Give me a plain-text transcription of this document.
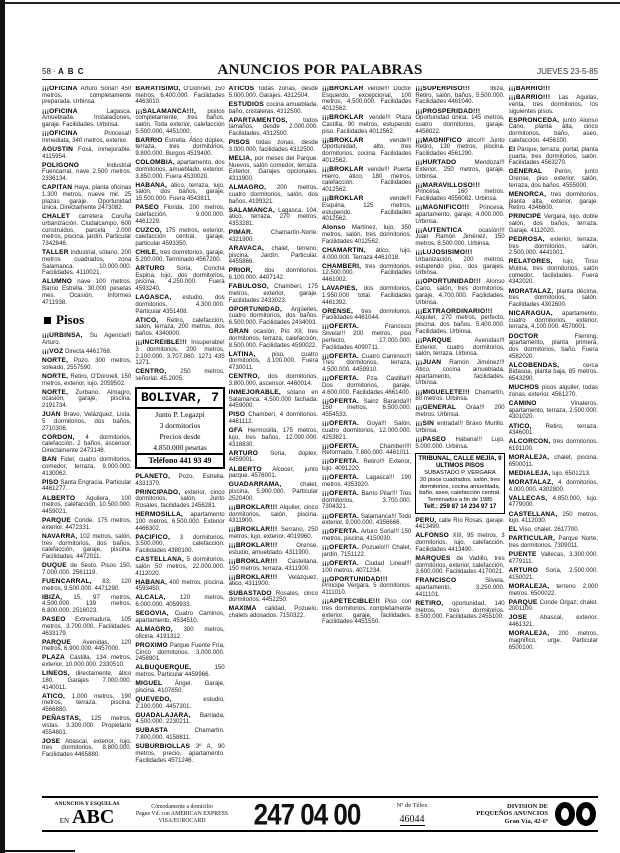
58 · A B C	ANUNCIOS POR PALABRAS	JUEVES 23-5-85
¡¡¡OFICINA Arturo Soria!! 450 metros, completamente preparada. Urbinsa.
¡¡¡OFICINA Lagasca. Amueblada. Instalaciones, garaje. Facilidades. Urbinsa.
¡¡¡OFICINA Princesa!! Inmediata, 340 metros, exterior.
AGUSTIN Foxá, inmejorable. 4115954.
POLIGONO Industrial Fuencarral, nave 2.500 metros. 2336134.
CAPITAN Haya, planta oficinas 1.300 metros, nueve mil. 25 plazas garaje. Oportunidad única. Directamente 2473082.
CHALET carretera Coruña urbanización. Ciudalcampo, 600 construidos, parcela 2.000 metros, piscina, jardín. Particular 7342846.
TALLER industrial, sótano, 200 metros cuadrados, zona Salamanca. 10.000.000. Facilidades. 4110021.
ALUMNO nave 100 metros. Barrio Estrella. 30.000 pesetas mes. Ocasión. Informes 4711938.
Pisos
¡¡¡URBINSA, Su Agencia!!! Arturo.
¡¡¡VOZ Directa 4461768.
NORTE, Pozo. 300 metros, soleado, 2557590.
NORTE, Retiro, O'Donnell, 150 metros, exterior, lujo. 2059502.
NORTE, Zurbano, Almagro, ocasión, garaje, piscina. 2191734.
JUAN Bravo, Velázquez, Lista. 5 dormitorios, dos baños, 2710306.
CORDON, 4 dormitorios, calefacción, 2 baños, ascensor. Directamente 2473148.
BAN Fidel, cuatro dormitorios, comedor, terraza, 9.000.000. 4130062.
PISO Santa Engracia. Particular 4461277.
ALBERTO Aguilera, 100 metros, calefacción, 10.500.000. 4459021.
PARQUE Conde, 175 metros, exterior. 4472331.
NAVARRA, 102 metros, salón, tres dormitorios, dos baños, calefacción, garaje, piscina. Facilidades. 4472011.
DUQUE de Sesto. Pisos 150, 7.000.000. 2561119.
FUENCARRAL, 83, 120 metros, 9.500.000. 4471290.
IBIZA, 15, 97 metros, 4.500.000. 139 metros, 6.800.000. 2516023.
PASEO Extremadura, 105 metros, 3.700.000. Facilidades. 4633179.
PARQUE Avenidas, 120 metros, 6.900.000. 4457000.
PLAZA Castilla, 134 metros, exterior, 10.000.000. 2330510.
LINEOS, directamente, ático 180. Garajes 7.000.000. 4140011.
ATICO, 1.000 metros, 190 metros, terraza, piscina. 4566880.
PEÑASTAS, 125 metros, vistas. 3.300.000. Propietario 4554801.
JOSE Abascal, exterior, lujo, tres dormitorios, 8.800.000. Facilidades 4465880.
BARATISIMO, O'Donnell, 150 metros, 6.400.000. Facilidades 4463010.
¡¡¡SALAMANCA!!!, pisitos completamente, tres baños, salón. Toda exterior, calefacción 5.500.000, 4451000.
BARRIO Estrella. Ático dúplex, terraza, tres dormitorios, 9.800.000. Burgos 4519400.
COLOMBIA, apartamento, dos dormitorios, amueblado, exterior. 3.850.000. Fuera 4530020.
HABANA, ático, terraza, lujo, salón, dos baños, garaje, 15.500.000. Fuera 4543811.
PASEO Florida, 200 metros, calefacción, 9.000.000. 4461229.
CUZCO, 175 metros, exterior, calefacción central, garaje, particular 4593350.
CHILE, tres dormitorios, garaje, 5.200.000. Terminado 4567200.
ARTURO Soria, Concha Espina, lujo, dos dormitorios, piscina, 4.250.000. Fuera 4593240.
LAGASCA, estudio, dos dormitorios, 4.300.000. Particular 4351408.
ATICO, Retiro, calefacción, salón, terraza, 200 metros, dos baños. 4340000.
¡¡¡INCREIBLE!!! Insuperable! 3 dormitorios, 200 metros, 2.100.000. 3.707.060. 1271 435 1271.
CENTRO, 250 metros, señorial. 45.2005.
BOLIVAR, 7
Junto P. Legazpi
3 dormitorios
Precios desde
4.850.000 pesetas
Teléfono 441 93 49
PLANETO, Pozo, Estrella. 4331370.
PRINCIPADO, exterior, cinco dormitorios, salón. Junto Rosales, facilidades 2456281.
HERMOSILLA, apartamento 100 metros, 6.500.000. Exterior 4466302.
PACIFICO, 3 dormitorios, 3.500.000, calefacción. Facilidades 4380100.
CASTELLANA, 5 dormitorios, salón 50 metros, 22.000.000. 4112020.
HABANA, 400 metros, piscina. 4593450.
ALCALA, 120 metros, 6.000.000. 4059933.
SEGOVIA, Cuatro Caminos, apartamento. 4534510.
ALMAGRO, 300 metros, oficina. 4191312.
PROXIMO Parque Fuente Fría, Cinco dormitorios. 3.000.000. 2458901.
ALBUQUERQUE, 150 metros. Particular 4459966.
MIGUEL Ángel. Garaje, piscina. 4107650.
QUEVEDO, estudio, 2.100.000. 4457301.
GUADALAJARA, Barriada, 4.500.000. 2230211.
SUBASTA Chamartín. 7.800.000. 4158811.
SUBURBIOLLAS 3º A, 90 metros, precio, apartamento. Facilidades 4571246.
ATICOS todas zonas, desde 5.000.000. Garajes. 4312504.
ESTUDIOS cocina amueblada, baño, cristaleras. 4312500.
APARTAMENTOS, todos tamaños, desde 2.000.000. Facilidades. 4312500.
PISOS todas zonas, desde 3.000.000, facilidades 4312500.
MELIA, por meses del Parque. Nuevos, salón comedor, terraza. Exterior. Garajes opcionales. 4311900.
ALMAGRO, 200 metros, cuatro dormitorios, salón, dos baños, 4199321.
SALAMANCA, Lagasca, 104, ático, terraza, 270 metros, 4353281.
PIMAR. Chamartín-Norte. 4321900.
ARAVACA, chalet, terreno, piscina. Jardín. Particular. 4455866.
PRIOR, dos dormitorios. 6.100.000. 4407142.
FABULOSO, Chamberí, 175 metros, exterior, garaje. Facilidades 2433023.
OPORTUNIDAD, Argüelles, cuatro dormitorios, dos baños. 6.500.000. Facilidades 2434003.
GRAN ocasión, Pío XII, tres dormitorios, terraza, calefacción, 8.500.000. Facilidades 4590022.
LATINA, piso, cuatro dormitorios, 3.100.000. Fuera 4730011.
CENTRO, dos dormitorios, 3.800.000, ascensor. 4460014.
INMEJORABLE, sótano en Salamanca. 4.500.000 fachada. 4459000.
PISO Chamberí, 4 dormitorios. 4461112.
GFA Hermosilla, 175 metros, lujo, tres baños, 12.000.000. 4318830.
ARTURO Soria, dúplex. 4459001.
ALBERTO Alcocer, junto parque. 4576001.
GUADARRAMA, chalet, piscina, 5.900.000. Particular 2520400.
¡¡¡BROKLAR!!! Alquiler, cinco dormitorios, salón, piscina. 4311900.
¡¡¡BROKLAR!!! Serrano, 250 metros, lujo, exterior. 4019960.
¡¡¡BROKLAR!!! Orense, estudio, amueblado. 4311900.
¡¡¡BROKLAR!!! Castellana, 150 metros, terraza. 4311900.
¡¡¡BROKLAR!!! Velázquez, ático. 4311900.
SUBASTADO Rosales, cinco dormitorios. 4452250.
MAXIMA calidad, Pozuelo, chalets adosados. 7150322.
¡¡¡BROKLAR vende!!! Doctor Esquerdo, excepcional, 100 metros, 4.500.000. Facilidades 4012562.
¡¡¡BROKLAR vende!!! Plaza Castilla, 90 metros, estupendo piso. Facilidades 4012562.
¡¡¡BROKLAR vende!!! Oportunidad, alto, tres dormitorios, cocina. Facilidades 4012562.
¡¡¡BROKLAR vende!!! Puerta Hierro, ático, 180 metros, calefacción. Facilidades 4012562.
¡¡¡BROKLAR vende!!! Esquina, 125 metros, estupendo. Facilidades 4012562.
Alonso Martínez, lujo, 350 metros, salón, tres dormitorios. Facilidades 4012562.
CHAMARTIN, ático, lujo, 4.000.000. Terraza 4461018.
CHAMBERI, tres dormitorios, 12.500.000. Facilidades 4461002.
LAVAPIES, dos dormitorios, 1.950.000 total. Facilidades 4461392.
ORENSE, tres dormitorios. Facilidades 4461044.
¡¡¡OFERTA. Francisco Silvela!!! 200 metros, piso perfecto, 17.000.000. Facilidades 4090711.
¡¡¡OFERTA. Cuatro Caminos!!! Tres dormitorios, terraza, 4.500.000, 4459910.
¡¡¡OFERTA. Pza. Castilla!!! Dos dormitorios, garaje, 4.600.000. Facilidades 4661400.
¡¡¡OFERTA. Sainz Baranda!!! 150 metros, 6.500.000. 4554533.
¡¡¡OFERTA. Goya!!! Salón, cuatro dormitorios, 12.000.000. 4253821.
¡¡¡OFERTA. Chamberí!!! Reformado, 7.800.000. 4461011.
¡¡¡OFERTA. Retiro!!! Exterior, lujo. 4091220.
¡¡¡OFERTA. Lagasca!!! 190 metros. 4353920.
¡¡¡OFERTA. Barrio Pilar!!! Tres dormitorios, 3.700.000. 7304321.
¡¡¡OFERTA. Salamanca!!! Todo exterior, 9.000.000. 4356666.
¡¡¡OFERTA. Arturo Soria!!! 150 metros, piscina. 4150030.
¡¡¡OFERTA. Pozuelo!!! Chalet, jardín. 7151122.
¡¡¡OFERTA. Ciudad Lineal!!! 100 metros. 4071234.
¡¡¡OPORTUNIDAD!!! Príncipe Vergara, 5 dormitorios. 4111010.
¡¡¡APETECIBLE!!! Piso con tres dormitorios, completamente exterior, garaje, facilidades. Facilidades 4451550.
¡¡¡SUPERPISO!!! Ibiza, Retiro, salón, baños, 5.500.000. Facilidades 4461040.
¡¡¡PROSPERIDAD!!! Oportunidad única. 145 metros, cuatro dormitorios, garaje. 4458022.
¡¡¡MAGNIFICO ático!!! Junto Retiro, 130 metros, piscina. Facilidades 4561290.
¡¡¡HURTADO Mendoza!!! Exterior, 250 metros, garaje. Urbinsa.
¡¡¡MARAVILLOSO!!! Princesa, 160 metros. Facilidades 4556082. Urbinsa.
¡¡¡MAGNIFICO!!! Princesa, apartamento, garaje, 4.000.000. Urbinsa.
¡¡¡AUTENTICA ocasión!!! Juan Ramón Jiménez, 150 metros, 8.500.000. Urbinsa.
¡¡¡LUJOSISIMO!!! Urbanización, 200 metros, estupendo piso, dos garajes. Urbinsa.
¡¡¡OPORTUNIDAD!!! Alonso Cano, salón, tres dormitorios, garaje, 4.700.000. Facilidades. Urbinsa.
¡¡¡EXTRAORDINARIO!!! Alquiler, 270 metros, perfecto, piscina, dos baños. 5.400.000. Facilidades. Urbinsa.
¡¡¡PARQUE Avenidas!!! Exterior, cuatro dormitorios, salón, terraza. Urbinsa.
¡¡¡JUAN Ramón Jiménez!!! Ático, cocina amueblada, apartamento, facilidades. Urbinsa.
¡¡¡MIGUELETE!!! Chamartín, 80 metros. Urbinsa.
¡¡¡GENERAL Oráa!!! 200 metros. Urbinsa.
¡¡¡SIN entrada!!! Bravo Murillo. Urbinsa.
¡¡¡PASEO Habana!!! Lujo, 5.000.000. Urbinsa.
TRIBUNAL, CALLE MEJÍA, 9
ULTIMOS PISOS
SUBASTADO P. VERGARA
20 pisos cuadrados, salón, tres dormitorios, cocina amueblada,
baño, aseo, calefacción central.
Terminados a fin de 1985
Telf.: 259 87 14 234 97 17
PERU, calle Río Rosas, garaje. 4413490.
ALFONSO XIII, 95 metros, 3 dormitorios, lujo, calefacción. Facilidades 4413490.
MARQUES de Vadillo, tres dormitorios, exterior, calefacción, 3.600.000. Facilidades 4170021.
FRANCISCO Silvela, apartamento, 3.250.000. 4411101.
RETIRO, oportunidad, 140 metros, tres dormitorios. 8.500.000. Facilidades 2455100.
¡¡¡BARRIO!!!
¡¡¡BARRIO!!! Las Aguilas, venta, tres dormitorios, los siguientes pisos.
ESPRONCEDA, junto Alonso Cano, planta alta, cinco dormitorios, baño, aseo, calefacción. 4456100.
El Parque, terraza, portal, planta cuarta, tres dormitorios, salón. Facilidades 4563270.
GENERAL Perón, junto Orense, piso exterior, salón, terraza, dos baños. 4555000.
MENORCA, tres dormitorios, planta alta, exterior, garaje. Retiro. 4346600.
PRINCIPE Vergara, lujo, doble salón, dos baños, terraza. Garaje. 4112020.
PEDROSA, exterior, terraza, tres dormitorios, salón, 2.500.000. 4441001.
RELATORES, lujo, Tirso Molina, tres dormitorios, salón comedor, facilidades. Fuera 4342020.
MORATALAZ, planta décima, tres dormitorios, salón. Facilidades 4302600.
NICARAGUA, apartamento, cuatro dormitorios, exterior, terraza, 4.100.000. 4570001.
DOCTOR Fleming, apartamento, planta primera, dos dormitorios, baño. Fuera 4582020.
ALCOBENDAS, cerca Bidasoa, planta baja, 85 metros. 6543290.
MUCHOS pisos alquiler, todas zonas, exterior. 4561270.
CAMINO Vinateros, apartamento, terraza, 2.500.000. 4301020.
ATICO, Retiro, terraza. 4346001.
ALCORCON, tres dormitorios. 6191100.
MORALEJA, chalet, piscina. 6500011.
MEDIALEJA, lujo. 6501213.
MORATALAZ, 4 dormitorios, 4.000.000. 4302800.
VALLECAS, 4.850.000, lujo. 4779000.
CASTELLANA, 250 metros, lujo. 4112030.
EL Viso, chalet. 2617700.
PARTICULAR, Parque Norte, tres dormitorios. 7309011.
PUENTE Vallecas, 3.300.000. 4779111.
ARTURO Soria, 2.500.000. 4150021.
MORALEJA, terreno 2.000 metros. 6500022.
PARQUE Conde Orgaz, chalet. 2001100.
JOSE Abascal, exterior. 4461321.
MORALEJA, 200 metros, magnífico, urge. Particular 6500100.
ANUNCIOS Y ESQUELAS
EN ABC	Cómodamente a domicilio
Pague Vd. con AMERICAN EXPRESS
VISA/EUROCARD	247 04 00	Nº de Télex
46044
DIVISION DE
PEQUEÑOS ANUNCIOS
Gran Vía, 42-6º
